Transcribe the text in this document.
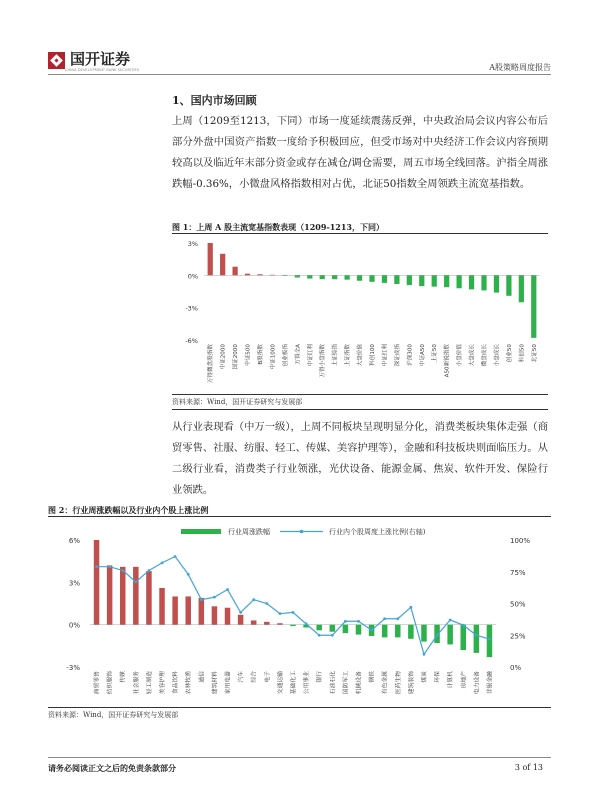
国开证券
CHINA DEVELOPMENT BANK SECURITIES	A股策略周度报告
1、国内市场回顾
上周（1209至1213，下同）市场一度延续震荡反弹，中央政治局会议内容公布后部分外盘中国资产指数一度给予积极回应，但受市场对中央经济工作会议内容预期较高以及临近年末部分资金或存在减仓/调仓需要，周五市场全线回落。沪指全周涨跌幅-0.36%，小微盘风格指数相对占优，北证50指数全周领跌主流宽基指数。
图 1：上周 A 股主流宽基指数表现（1209-1213，下同）
3%
0%
-3%
-6%
万得微盘股指数	中证2000	国证2000	中证500	B股指数	中证1000	创业板指	万得全A	中证红利	万得小盘指数	上证综指	上证指数	大盘价值	科创100	中证红利	深证成指	沪深300	中证A50	上证50	A50新锐指数	小盘价值	大盘成长	微盘成长	小盘成长	创业50	科创50	北证50
资料来源：Wind，国开证券研究与发展部
从行业表现看（中万一级），上周不同板块呈现明显分化，消费类板块集体走强（商贸零售、社服、纺服、轻工、传媒、美容护理等），金融和科技板块则面临压力。从二级行业看，消费类子行业领涨，光伏设备、能源金属、焦炭、软件开发、保险行业领跌。
图 2：行业周涨跌幅以及行业内个股上涨比例
行业周涨跌幅	行业内个股周度上涨比例(右轴)
6%
3%
0%
-3%
100%
75%
50%
25%
0%
商贸零售	纺织服饰	传媒	社会服务	轻工制造	美容护理	食品饮料	农林牧渔	通信	建筑材料	家用电器	汽车	综合	电子	交通运输	基础化工	公用事业	银行	石油石化	国防军工	机械设备	钢铁	有色金属	医药生物	建筑装饰	煤炭	环保	计算机	房地产	电力设备	非银金融
资料来源：Wind，国开证券研究与发展部
请务必阅读正文之后的免责条款部分	3 of 13
